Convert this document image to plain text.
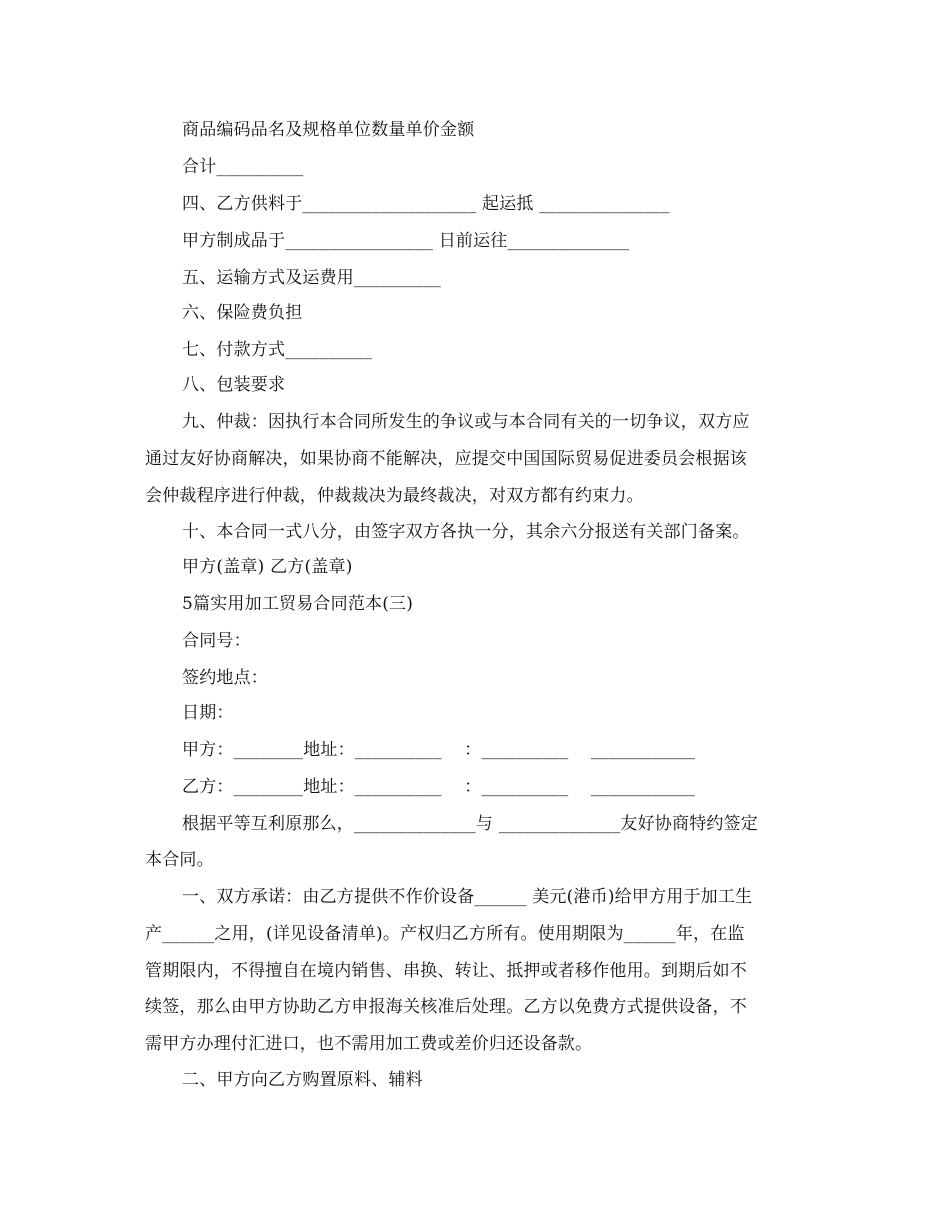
商品编码品名及规格单位数量单价金额
合计__________
四、乙方供料于____________________ 起运抵 _______________
甲方制成品于_________________ 日前运往______________
五、运输方式及运费用__________
六、保险费负担
七、付款方式__________
八、包装要求
九、仲裁：因执行本合同所发生的争议或与本合同有关的一切争议，双方应
通过友好协商解决，如果协商不能解决，应提交中国国际贸易促进委员会根据该
会仲裁程序进行仲裁，仲裁裁决为最终裁决，对双方都有约束力。
十、本合同一式八分，由签字双方各执一分，其余六分报送有关部门备案。
甲方(盖章) 乙方(盖章)
5篇实用加工贸易合同范本(三)
合同号：
签约地点：
日期：
甲方：________地址：__________    ：__________    ____________
乙方：________地址：__________    ：__________    ____________
根据平等互利原那么，______________与 ______________友好协商特约签定
本合同。
一、双方承诺：由乙方提供不作价设备______ 美元(港币)给甲方用于加工生
产______之用，(详见设备清单)。产权归乙方所有。使用期限为______年，在监
管期限内，不得擅自在境内销售、串换、转让、抵押或者移作他用。到期后如不
续签，那么由甲方协助乙方申报海关核准后处理。乙方以免费方式提供设备，不
需甲方办理付汇进口，也不需用加工费或差价归还设备款。
二、甲方向乙方购置原料、辅料
